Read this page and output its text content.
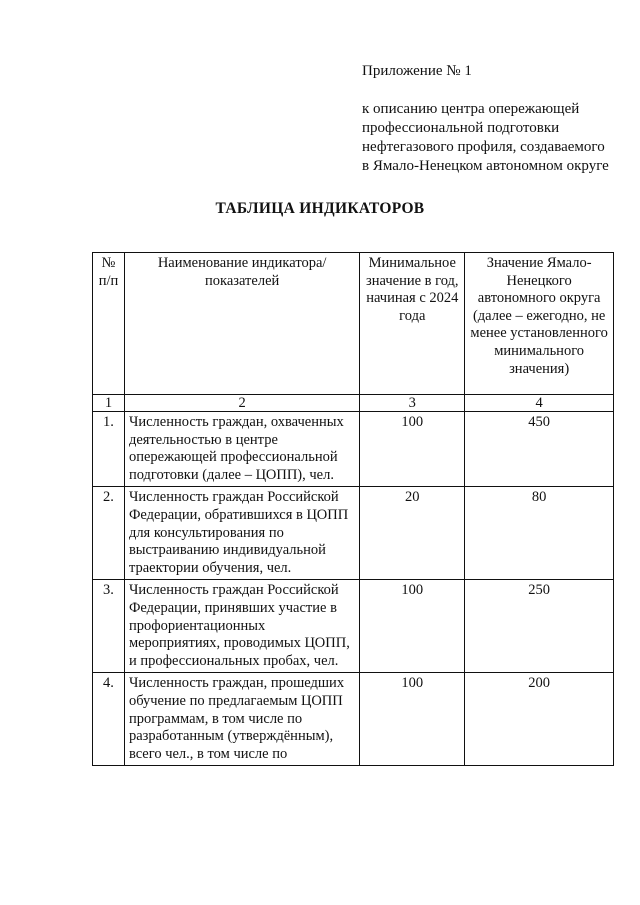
Приложение № 1
к описанию центра опережающей
профессиональной подготовки
нефтегазового профиля, создаваемого
в Ямало-Ненецком автономном округе
ТАБЛИЦА ИНДИКАТОРОВ
№ п/п	Наименование индикатора/ показателей	Минимальное значение в год, начиная с 2024 года	Значение Ямало-Ненецкого автономного округа (далее – ежегодно, не менее установленного минимального значения)
1	2	3	4
1.	Численность граждан, охваченных деятельностью в центре опережающей профессиональной подготовки (далее – ЦОПП), чел.	100	450
2.	Численность граждан Российской Федерации, обратившихся в ЦОПП для консультирования по выстраиванию индивидуальной траектории обучения, чел.	20	80
3.	Численность граждан Российской Федерации, принявших участие в профориентационных мероприятиях, проводимых ЦОПП, и профессиональных пробах, чел.	100	250
4.	Численность граждан, прошедших обучение по предлагаемым ЦОПП программам, в том числе по разработанным (утверждённым), всего чел., в том числе по	100	200
